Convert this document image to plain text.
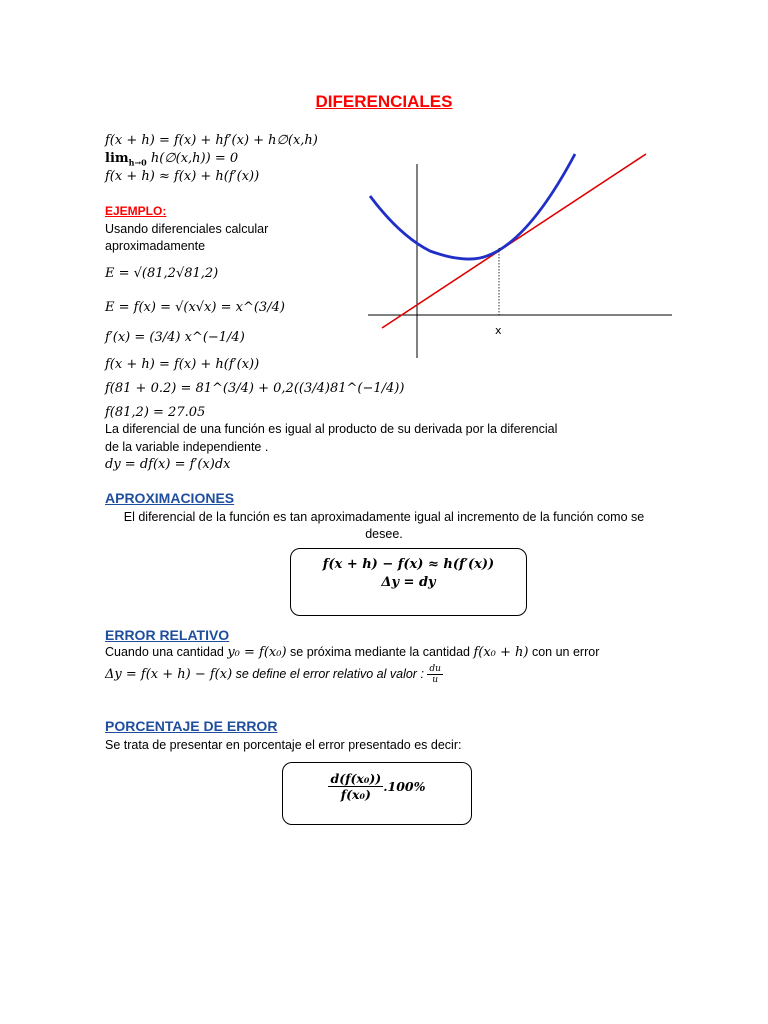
DIFERENCIALES
f(x + h) = f(x) + hf′(x) + h∅(x,h)
$\lim_{h\to 0}$ h(∅(x,h)) = 0
f(x + h) ≈ f(x) + h(f′(x))
EJEMPLO:
Usando diferenciales calcular
aproximadamente
E = √(81,2√81,2)
E = f(x) = √(x√x) = x^(3/4)
f′(x) = (3/4) x^(−1/4)
f(x + h) = f(x) + h(f′(x))
f(81 + 0.2) = 81^(3/4) + 0,2((3/4)81^(−1/4))
f(81,2) = 27.05
La diferencial de una función es igual al producto de su derivada por la diferencial
de la variable independiente .
dy = df(x) = f′(x)dx
x
APROXIMACIONES
El diferencial de la función es tan aproximadamente igual al incremento de la función como se
desee.
f(x + h) − f(x) ≈ h(f′(x))
Δy = dy
ERROR RELATIVO
Cuando una cantidad y₀ = f(x₀) se próxima mediante la cantidad f(x₀ + h) con un error
Δy = f(x + h) − f(x) se define el error relativo al valor : $\frac{du}{u}$
PORCENTAJE DE ERROR
Se trata de presentar en porcentaje el error presentado es decir:
$\frac{\text{d(f(x₀))}}{\text{f(x₀)}} .100\%$
